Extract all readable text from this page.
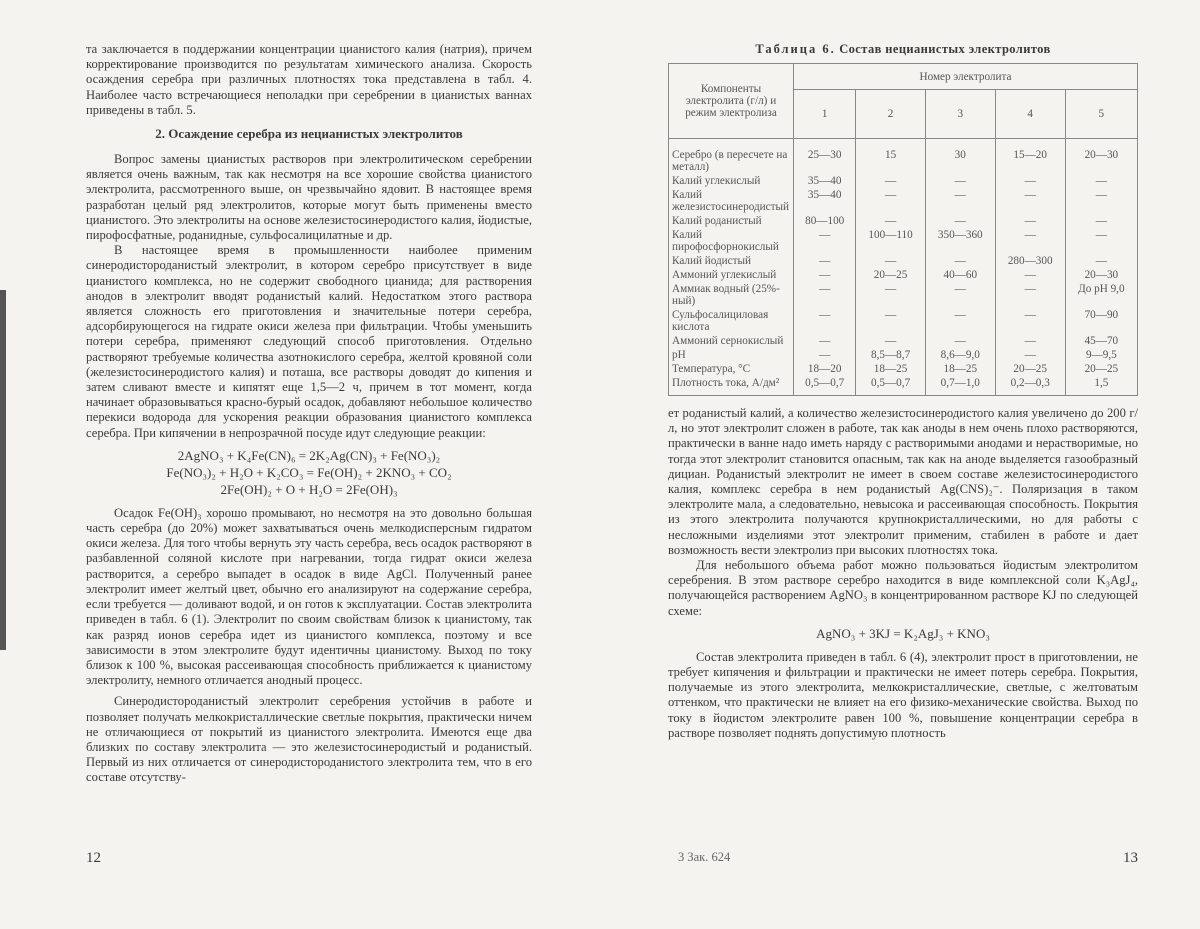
та заключается в поддержании концентрации цианистого калия (натрия), причем корректирование производится по результатам химического анализа. Скорость осаждения серебра при различных плотностях тока представлена в табл. 4. Наиболее часто встречающиеся неполадки при серебрении в цианистых ваннах приведены в табл. 5.

2. Осаждение серебра из нецианистых электролитов

Вопрос замены цианистых растворов при электролитическом серебрении является очень важным, так как несмотря на все хорошие свойства цианистого электролита, рассмотренного выше, он чрезвычайно ядовит. В настоящее время разработан целый ряд электролитов, которые могут быть применены вместо цианистого. Это электролиты на основе железистосинеродистого калия, йодистые, пирофосфатные, роданидные, сульфосалицилатные и др.

В настоящее время в промышленности наиболее применим синеродистороданистый электролит, в котором серебро присутствует в виде цианистого комплекса, но не содержит свободного цианида; для растворения анодов в электролит вводят роданистый калий. Недостатком этого раствора является сложность его приготовления и значительные потери серебра, адсорбирующегося на гидрате окиси железа при фильтрации. Чтобы уменьшить потери серебра, применяют следующий способ приготовления. Отдельно растворяют требуемые количества азотнокислого серебра, желтой кровяной соли (железистосинеродистого калия) и поташа, все растворы доводят до кипения и затем сливают вместе и кипятят еще 1,5—2 ч, причем в тот момент, когда начинает образовываться красно-бурый осадок, добавляют небольшое количество перекиси водорода для ускорения реакции образования цианистого комплекса серебра. При кипячении в непрозрачной посуде идут следующие реакции:

2AgNO₃ + K₄Fe(CN)₆ = 2K₂Ag(CN)₃ + Fe(NO₃)₂
Fe(NO₃)₂ + H₂O + K₂CO₃ = Fe(OH)₂ + 2KNO₃ + CO₂
2Fe(OH)₂ + O + H₂O = 2Fe(OH)₃

Осадок Fe(OH)₃ хорошо промывают, но несмотря на это довольно большая часть серебра (до 20%) может захватываться очень мелкодисперсным гидратом окиси железа. Для того чтобы вернуть эту часть серебра, весь осадок растворяют в разбавленной соляной кислоте при нагревании, тогда гидрат окиси железа растворится, а серебро выпадет в осадок в виде AgCl. Полученный ранее электролит имеет желтый цвет, обычно его анализируют на содержание серебра, если требуется — доливают водой, и он готов к эксплуатации. Состав электролита приведен в табл. 6 (1). Электролит по своим свойствам близок к цианистому, так как разряд ионов серебра идет из цианистого комплекса, поэтому и все зависимости в этом электролите будут идентичны цианистому. Выход по току близок к 100 %, высокая рассеивающая способность приближается к цианистому электролиту, немного отличается анодный процесс.

Синеродистороданистый электролит серебрения устойчив в работе и позволяет получать мелкокристаллические светлые покрытия, практически ничем не отличающиеся от покрытий из цианистого электролита. Имеются еще два близких по составу электролита — это железистосинеродистый и роданистый. Первый из них отличается от синеродистороданистого электролита тем, что в его составе отсутству-

12
Таблица 6. Состав нецианистых электролитов
Компоненты электролита (г/л) и режим электролиза	Номер электролита				
	1	2	3	4	5
Серебро (в пересчете на металл)	25—30	15	30	15—20	20—30
Калий углекислый	35—40	—	—	—	—
Калий железистосинеродистый	35—40	—	—	—	—
Калий роданистый	80—100	—	—	—	—
Калий пирофосфорнокислый	—	100—110	350—360	—	—
Калий йодистый	—	—	—	280—300	—
Аммоний углекислый	—	20—25	40—60	—	20—30
Аммиак водный (25%-ный)	—	—	—	—	До pH 9,0
Сульфосалициловая кислота	—	—	—	—	70—90
Аммоний сернокислый	—	—	—	—	45—70
pH	—	8,5—8,7	8,6—9,0	—	9—9,5
Температура, °С	18—20	18—25	18—25	20—25	20—25
Плотность тока, А/дм²	0,5—0,7	0,5—0,7	0,7—1,0	0,2—0,3	1,5

ет роданистый калий, а количество железистосинеродистого калия увеличено до 200 г/л, но этот электролит сложен в работе, так как аноды в нем очень плохо растворяются, практически в ванне надо иметь наряду с растворимыми анодами и нерастворимые, но тогда этот электролит становится опасным, так как на аноде выделяется газообразный дициан. Роданистый электролит не имеет в своем составе железистосинеродистого калия, комплекс серебра в нем роданистый Ag(CNS)₂⁻. Поляризация в таком электролите мала, а следовательно, невысока и рассеивающая способность. Покрытия из этого электролита получаются крупнокристаллическими, но для работы с несложными изделиями этот электролит применим, стабилен в работе и дает возможность вести электролиз при высоких плотностях тока.

Для небольшого объема работ можно пользоваться йодистым электролитом серебрения. В этом растворе серебро находится в виде комплексной соли K₃AgJ₄, получающейся растворением AgNO₃ в концентрированном растворе KJ по следующей схеме:

AgNO₃ + 3KJ = K₂AgJ₃ + KNO₃

Состав электролита приведен в табл. 6 (4), электролит прост в приготовлении, не требует кипячения и фильтрации и практически не имеет потерь серебра. Покрытия, получаемые из этого электролита, мелкокристаллические, светлые, с желтоватым оттенком, что практически не влияет на его физико-механические свойства. Выход по току в йодистом электролите равен 100 %, повышение концентрации серебра в растворе позволяет поднять допустимую плотность

13
3 Зак. 624
